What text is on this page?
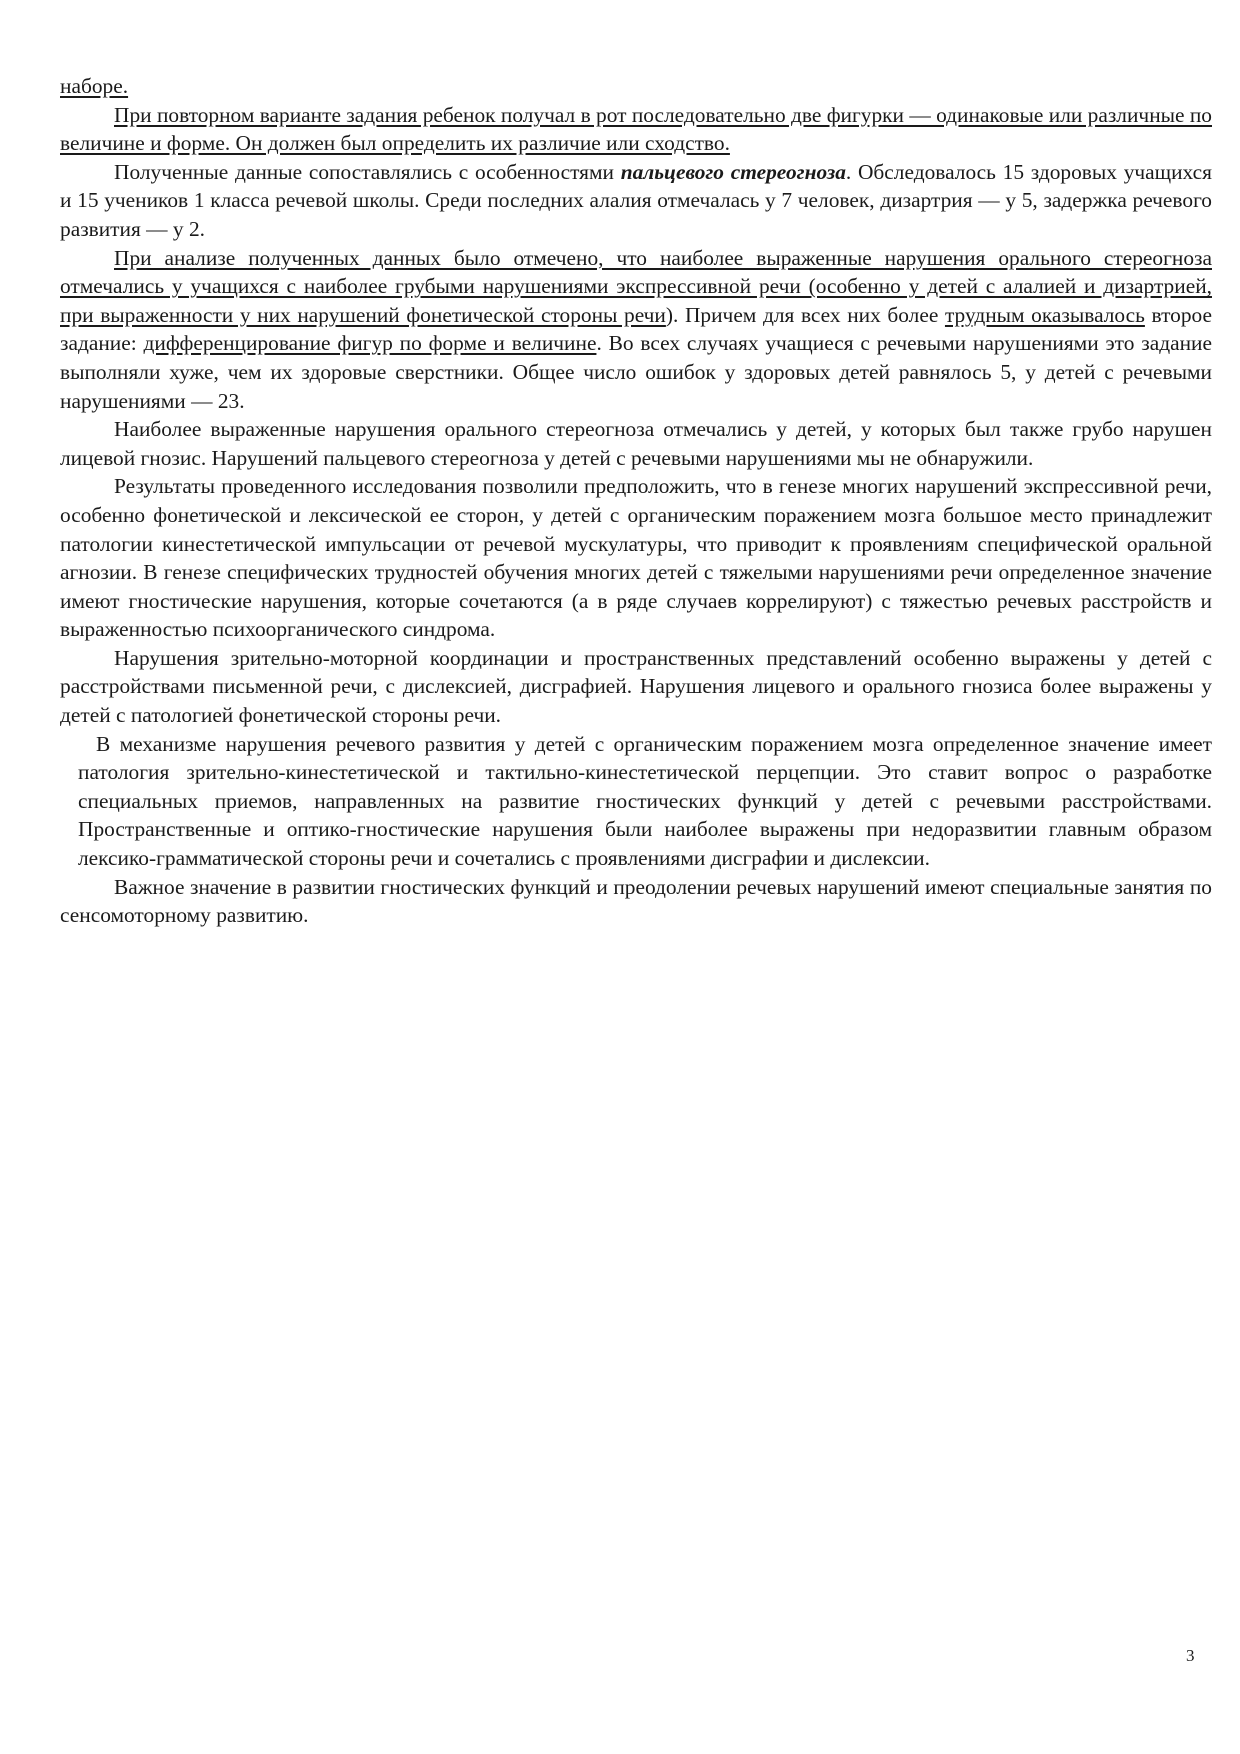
наборе.

При повторном варианте задания ребенок получал в рот последовательно две фигурки — одинаковые или различные по величине и форме. Он должен был определить их различие или сходство.

Полученные данные сопоставлялись с особенностями пальцевого стереогноза. Обследовалось 15 здоровых учащихся и 15 учеников 1 класса речевой школы. Среди последних алалия отмечалась у 7 человек, дизартрия — у 5, задержка речевого развития — у 2.

При анализе полученных данных было отмечено, что наиболее выраженные нарушения орального стереогноза отмечались у учащихся с наиболее грубыми нарушениями экспрессивной речи (особенно у детей с алалией и дизартрией, при выраженности у них нарушений фонетической стороны речи). Причем для всех них более трудным оказывалось второе задание: дифференцирование фигур по форме и величине. Во всех случаях учащиеся с речевыми нарушениями это задание выполняли хуже, чем их здоровые сверстники. Общее число ошибок у здоровых детей равнялось 5, у детей с речевыми нарушениями — 23.

Наиболее выраженные нарушения орального стереогноза отмечались у детей, у которых был также грубо нарушен лицевой гнозис. Нарушений пальцевого стереогноза у детей с речевыми нарушениями мы не обнаружили.

Результаты проведенного исследования позволили предположить, что в генезе многих нарушений экспрессивной речи, особенно фонетической и лексической ее сторон, у детей с органическим поражением мозга большое место принадлежит патологии кинестетической импульсации от речевой мускулатуры, что приводит к проявлениям специфической оральной агнозии. В генезе специфических трудностей обучения многих детей с тяжелыми нарушениями речи определенное значение имеют гностические нарушения, которые сочетаются (а в ряде случаев коррелируют) с тяжестью речевых расстройств и выраженностью психоорганического синдрома.

Нарушения зрительно-моторной координации и пространственных представлений особенно выражены у детей с расстройствами письменной речи, с дислексией, дисграфией. Нарушения лицевого и орального гнозиса более выражены у детей с патологией фонетической стороны речи.

В механизме нарушения речевого развития у детей с органическим поражением мозга определенное значение имеет патология зрительно-кинестетической и тактильно-кинестетической перцепции. Это ставит вопрос о разработке специальных приемов, направленных на развитие гностических функций у детей с речевыми расстройствами. Пространственные и оптико-гностические нарушения были наиболее выражены при недоразвитии главным образом лексико-грамматической стороны речи и сочетались с проявлениями дисграфии и дислексии.

Важное значение в развитии гностических функций и преодолении речевых нарушений имеют специальные занятия по сенсомоторному развитию.

3
